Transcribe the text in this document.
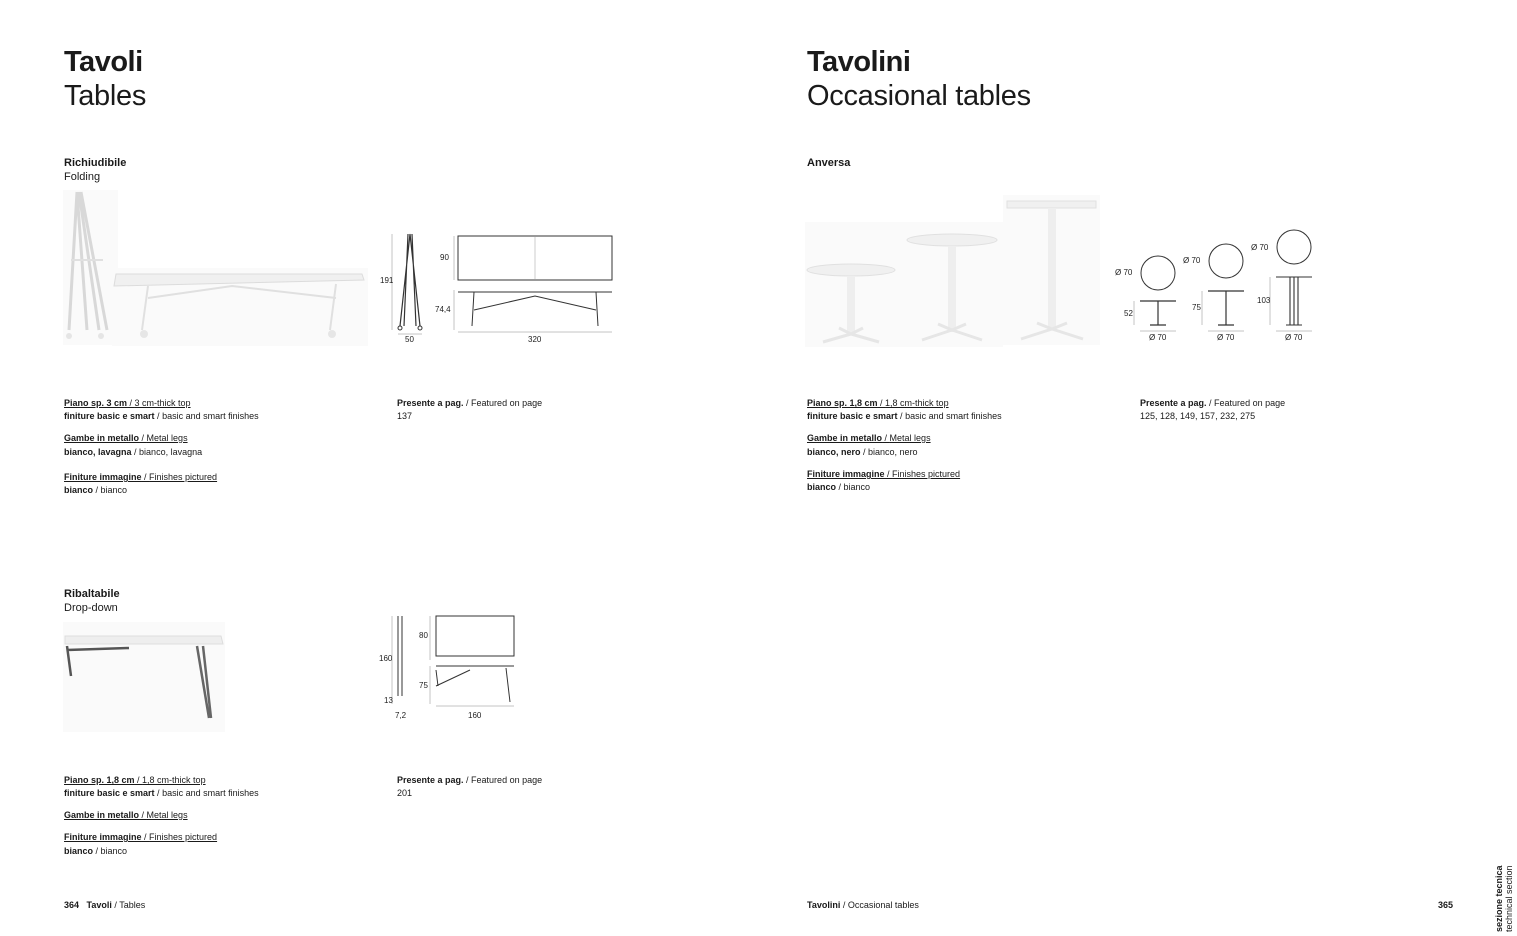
Tavoli
Tables
Richiudibile
Folding
191
50
90
74,4
320
Piano sp. 3 cm / 3 cm-thick top
finiture basic e smart / basic and smart finishes
Gambe in metallo / Metal legs
bianco, lavagna / bianco, lavagna
Finiture immagine / Finishes pictured
bianco / bianco
Presente a pag. / Featured on page
137
Ribaltabile
Drop-down
160
80
75
13
7,2	160
Piano sp. 1,8 cm / 1,8 cm-thick top
finiture basic e smart / basic and smart finishes
Gambe in metallo / Metal legs
Finiture immagine / Finishes pictured
bianco / bianco
Presente a pag. / Featured on page
201
364 Tavoli / Tables
Tavolini
Occasional tables
Anversa
Ø 70
Ø 70
Ø 70
52
75
103
Ø 70	Ø 70	Ø 70
Piano sp. 1,8 cm / 1,8 cm-thick top
finiture basic e smart / basic and smart finishes
Gambe in metallo / Metal legs
bianco, nero / bianco, nero
Finiture immagine / Finishes pictured
bianco / bianco
Presente a pag. / Featured on page
125, 128, 149, 157, 232, 275
Tavolini / Occasional tables	365	sezione tecnica technical section
